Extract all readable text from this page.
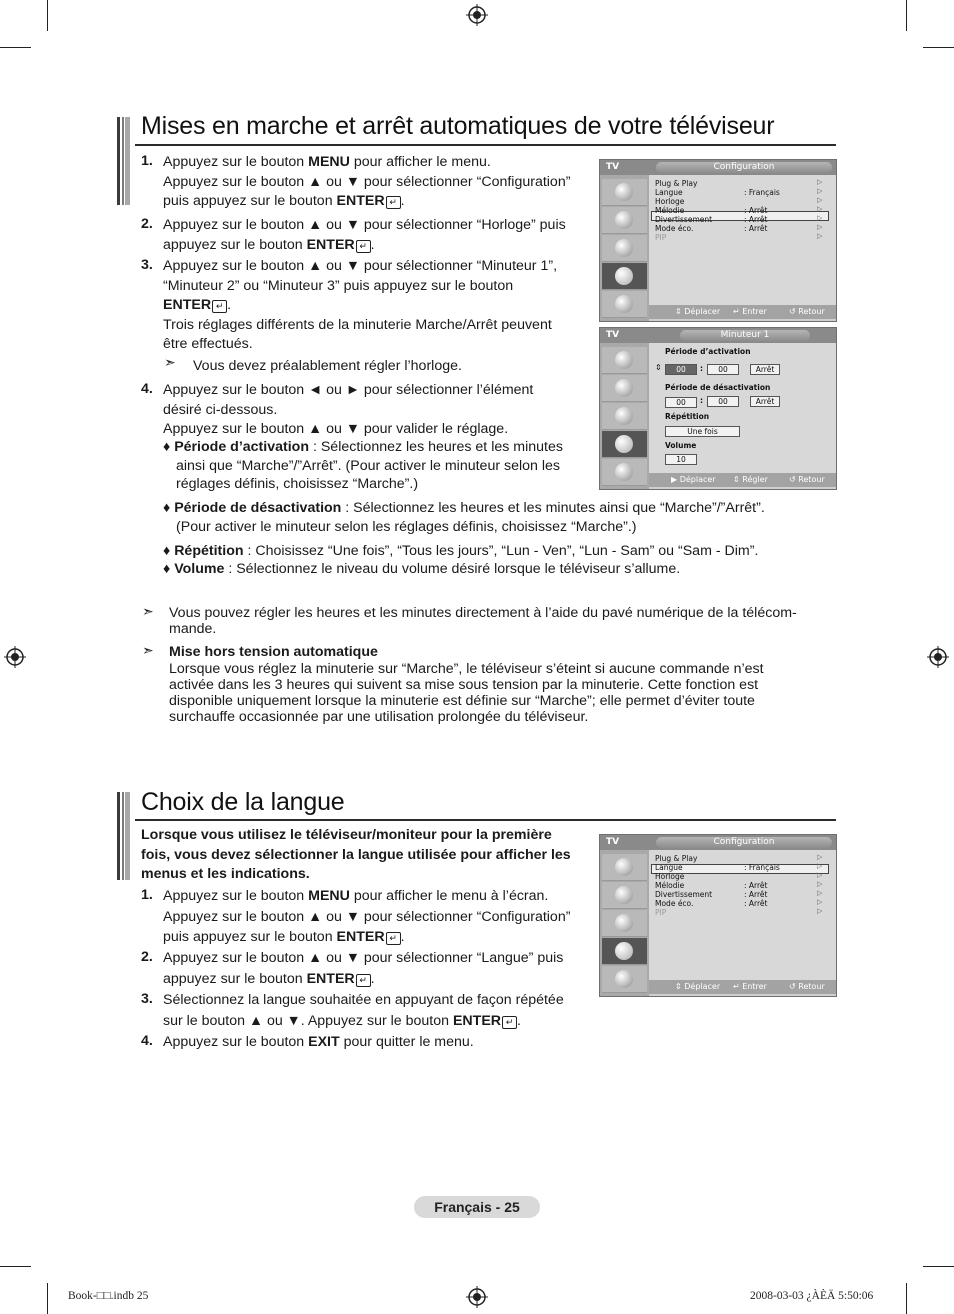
Mises en marche et arrêt automatiques de votre téléviseur
1. Appuyez sur le bouton MENU pour afficher le menu.
Appuyez sur le bouton ▲ ou ▼ pour sélectionner “Configuration”
puis appuyez sur le bouton ENTER ↵ .
2. Appuyez sur le bouton ▲ ou ▼ pour sélectionner “Horloge” puis
appuyez sur le bouton ENTER ↵ .
3. Appuyez sur le bouton ▲ ou ▼ pour sélectionner “Minuteur 1”,
“Minuteur 2” ou “Minuteur 3” puis appuyez sur le bouton
ENTER ↵ .
Trois réglages différents de la minuterie Marche/Arrêt peuvent
être effectués.
4. Appuyez sur le bouton ◄ ou ► pour sélectionner l’élément
désiré ci-dessous.
Appuyez sur le bouton ▲ ou ▼ pour valider le réglage.
➣ Vous devez préalablement régler l’horloge.
♦ Période d’activation : Sélectionnez les heures et les minutes
ainsi que “Marche”/”Arrêt”. (Pour activer le minuteur selon les
réglages définis, choisissez “Marche”.)
♦ Période de désactivation : Sélectionnez les heures et les minutes ainsi que “Marche”/”Arrêt”.
(Pour activer le minuteur selon les réglages définis, choisissez “Marche”.)
♦ Répétition : Choisissez “Une fois”, “Tous les jours”, “Lun - Ven”, “Lun - Sam” ou “Sam - Dim”.
♦ Volume : Sélectionnez le niveau du volume désiré lorsque le téléviseur s’allume.
➣ Vous pouvez régler les heures et les minutes directement à l’aide du pavé numérique de la télécom-
mande.
➣ Mise hors tension automatique
Lorsque vous réglez la minuterie sur “Marche”, le téléviseur s’éteint si aucune commande n’est
activée dans les 3 heures qui suivent sa mise sous tension par la minuterie. Cette fonction est
disponible uniquement lorsque la minuterie est définie sur “Marche”; elle permet d’éviter toute
surchauffe occasionnée par une utilisation prolongée du téléviseur.
Choix de la langue
Lorsque vous utilisez le téléviseur/moniteur pour la première
fois, vous devez sélectionner la langue utilisée pour afficher les
menus et les indications.
1. Appuyez sur le bouton MENU pour afficher le menu à l’écran.
Appuyez sur le bouton ▲ ou ▼ pour sélectionner “Configuration”
puis appuyez sur le bouton ENTER ↵ .
2. Appuyez sur le bouton ▲ ou ▼ pour sélectionner “Langue” puis
appuyez sur le bouton ENTER ↵ .
3. Sélectionnez la langue souhaitée en appuyant de façon répétée
sur le bouton ▲ ou ▼. Appuyez sur le bouton ENTER ↵ .
4. Appuyez sur le bouton EXIT pour quitter le menu.
TV	Configuration
Plug & Play
Langue	: Français
Horloge
Mélodie	: Arrêt
Divertissement	: Arrêt
Mode éco.	: Arrêt
PIP
▷
▷
▷
▷
▷
▷
▷
⇕ Déplacer ↵ Entrer	↺ Retour
TV	Minuteur 1
Période d’activation
⇕	00	:	00	Arrêt
Période de désactivation
00	:	00	Arrêt
Répétition
Une fois
Volume
10
▶ Déplacer ⇕ Régler	↺ Retour
TV	Configuration
Plug & Play
Langue	: Français
Horloge
Mélodie	: Arrêt
Divertissement	: Arrêt
Mode éco.	: Arrêt
PIP
▷
▷
▷
▷
▷
▷
▷
⇕ Déplacer ↵ Entrer	↺ Retour
Français - 25
Book-□□.indb 25	2008-03-03 ¿ÀÈÄ 5:50:06
